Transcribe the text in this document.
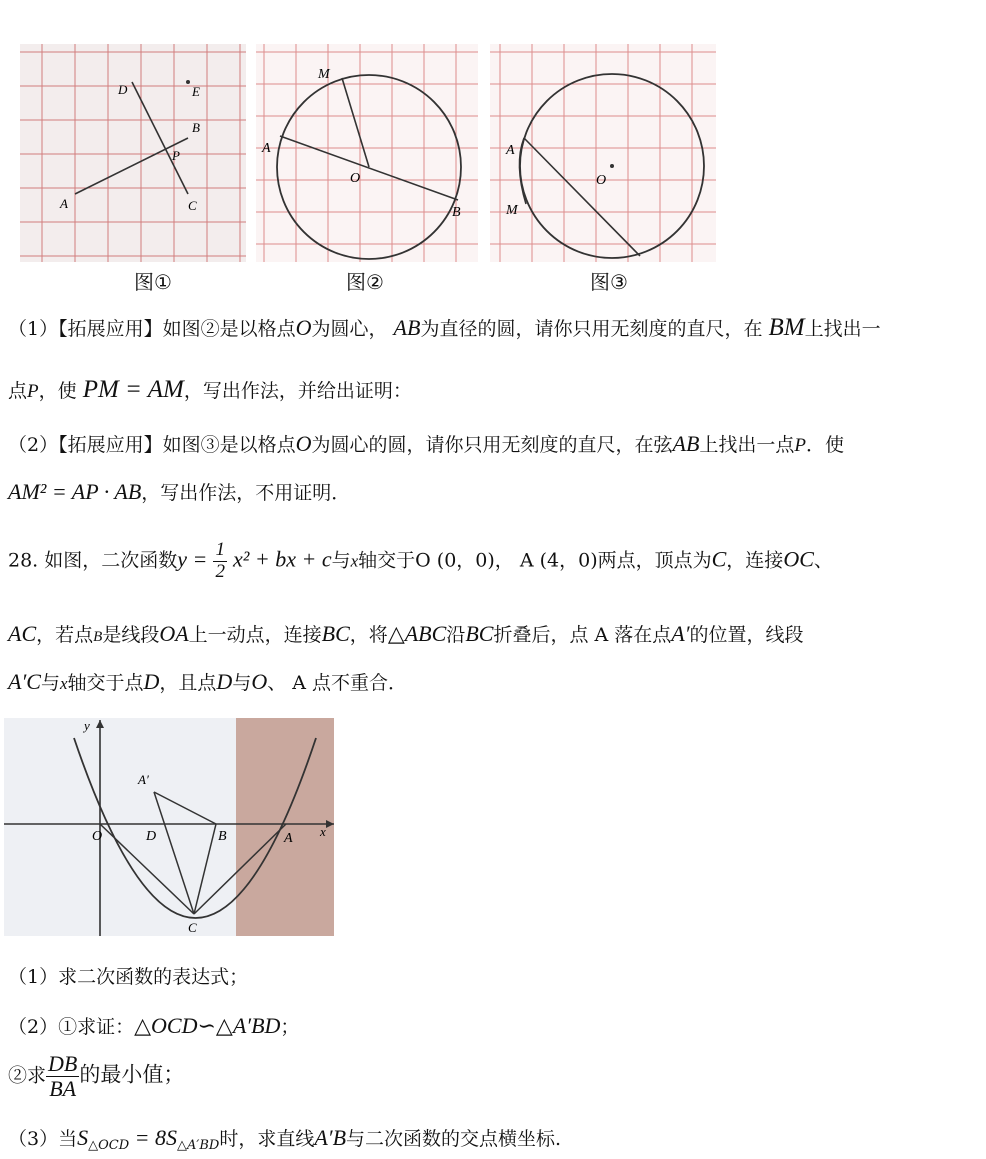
D	E
B
P
A	C
M
A
O
B
A
O
M
图①	图②	图③
（1）【拓展应用】如图②是以格点O为圆心， AB为直径的圆，请你只用无刻度的直尺，在 BM上找出一
点P，使 PM = AM，写出作法，并给出证明：
（2）【拓展应用】如图③是以格点O为圆心的圆，请你只用无刻度的直尺，在弦AB上找出一点P．使
AM² = AP · AB，写出作法，不用证明．
28. 如图，二次函数$y = \frac{1}{2} x^2$ + bx + c与x轴交于O (0，0)， A (4，0)两点，顶点为C，连接OC、
AC，若点B是线段OA上一动点，连接BC，将△ABC沿BC折叠后，点 A 落在点A′的位置，线段
A′C与x轴交于点D，且点D与O、 A 点不重合．
y
x
O	D	B	A
A′
C
（1）求二次函数的表达式；
（2）①求证：△OCD∽△A′BD；
②求 $\frac{DB}{BA}$ 的最小值；
（3）当$S_{\triangle OCD} = 8S_{\triangle A'BD}$时，求直线A′B与二次函数的交点横坐标.
